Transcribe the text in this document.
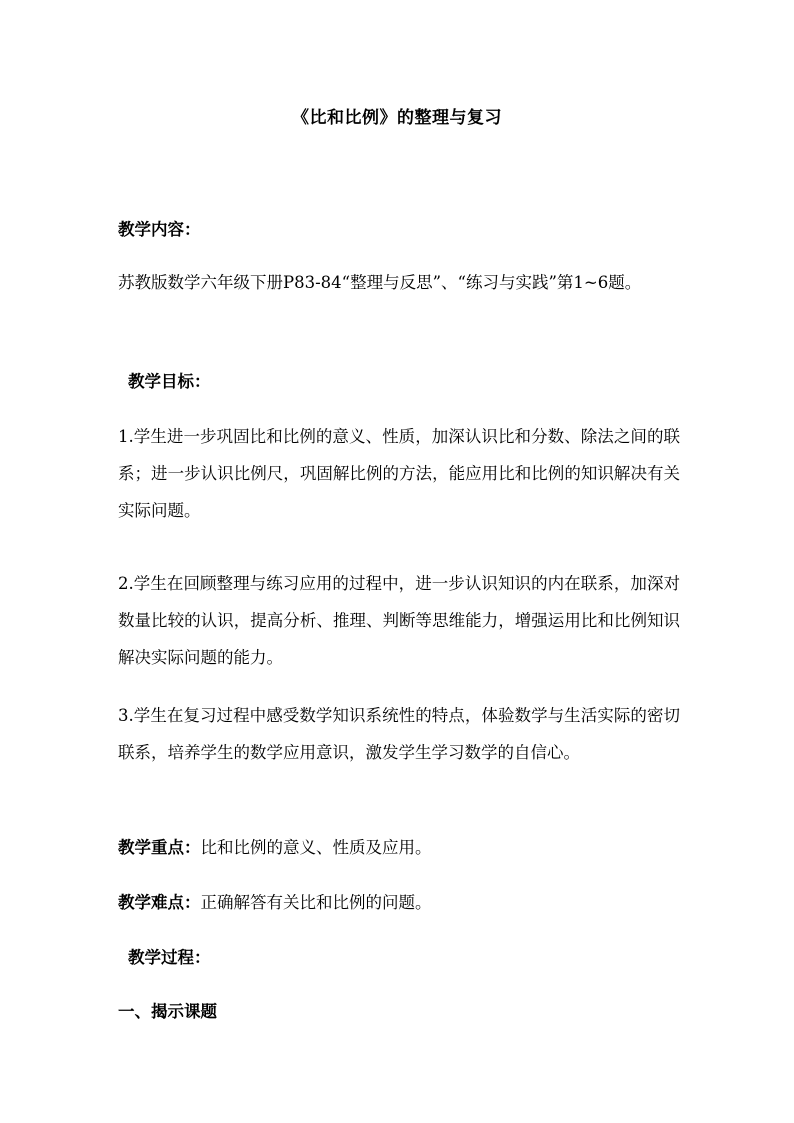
《比和比例》的整理与复习
教学内容：
苏教版数学六年级下册P83-84“整理与反思”、“练习与实践”第1~6题。
教学目标：
1.学生进一步巩固比和比例的意义、性质，加深认识比和分数、除法之间的联系；进一步认识比例尺，巩固解比例的方法，能应用比和比例的知识解决有关实际问题。
2.学生在回顾整理与练习应用的过程中，进一步认识知识的内在联系，加深对数量比较的认识，提高分析、推理、判断等思维能力，增强运用比和比例知识解决实际问题的能力。
3.学生在复习过程中感受数学知识系统性的特点，体验数学与生活实际的密切联系，培养学生的数学应用意识，激发学生学习数学的自信心。
教学重点：比和比例的意义、性质及应用。
教学难点：正确解答有关比和比例的问题。
教学过程：
一、揭示课题
